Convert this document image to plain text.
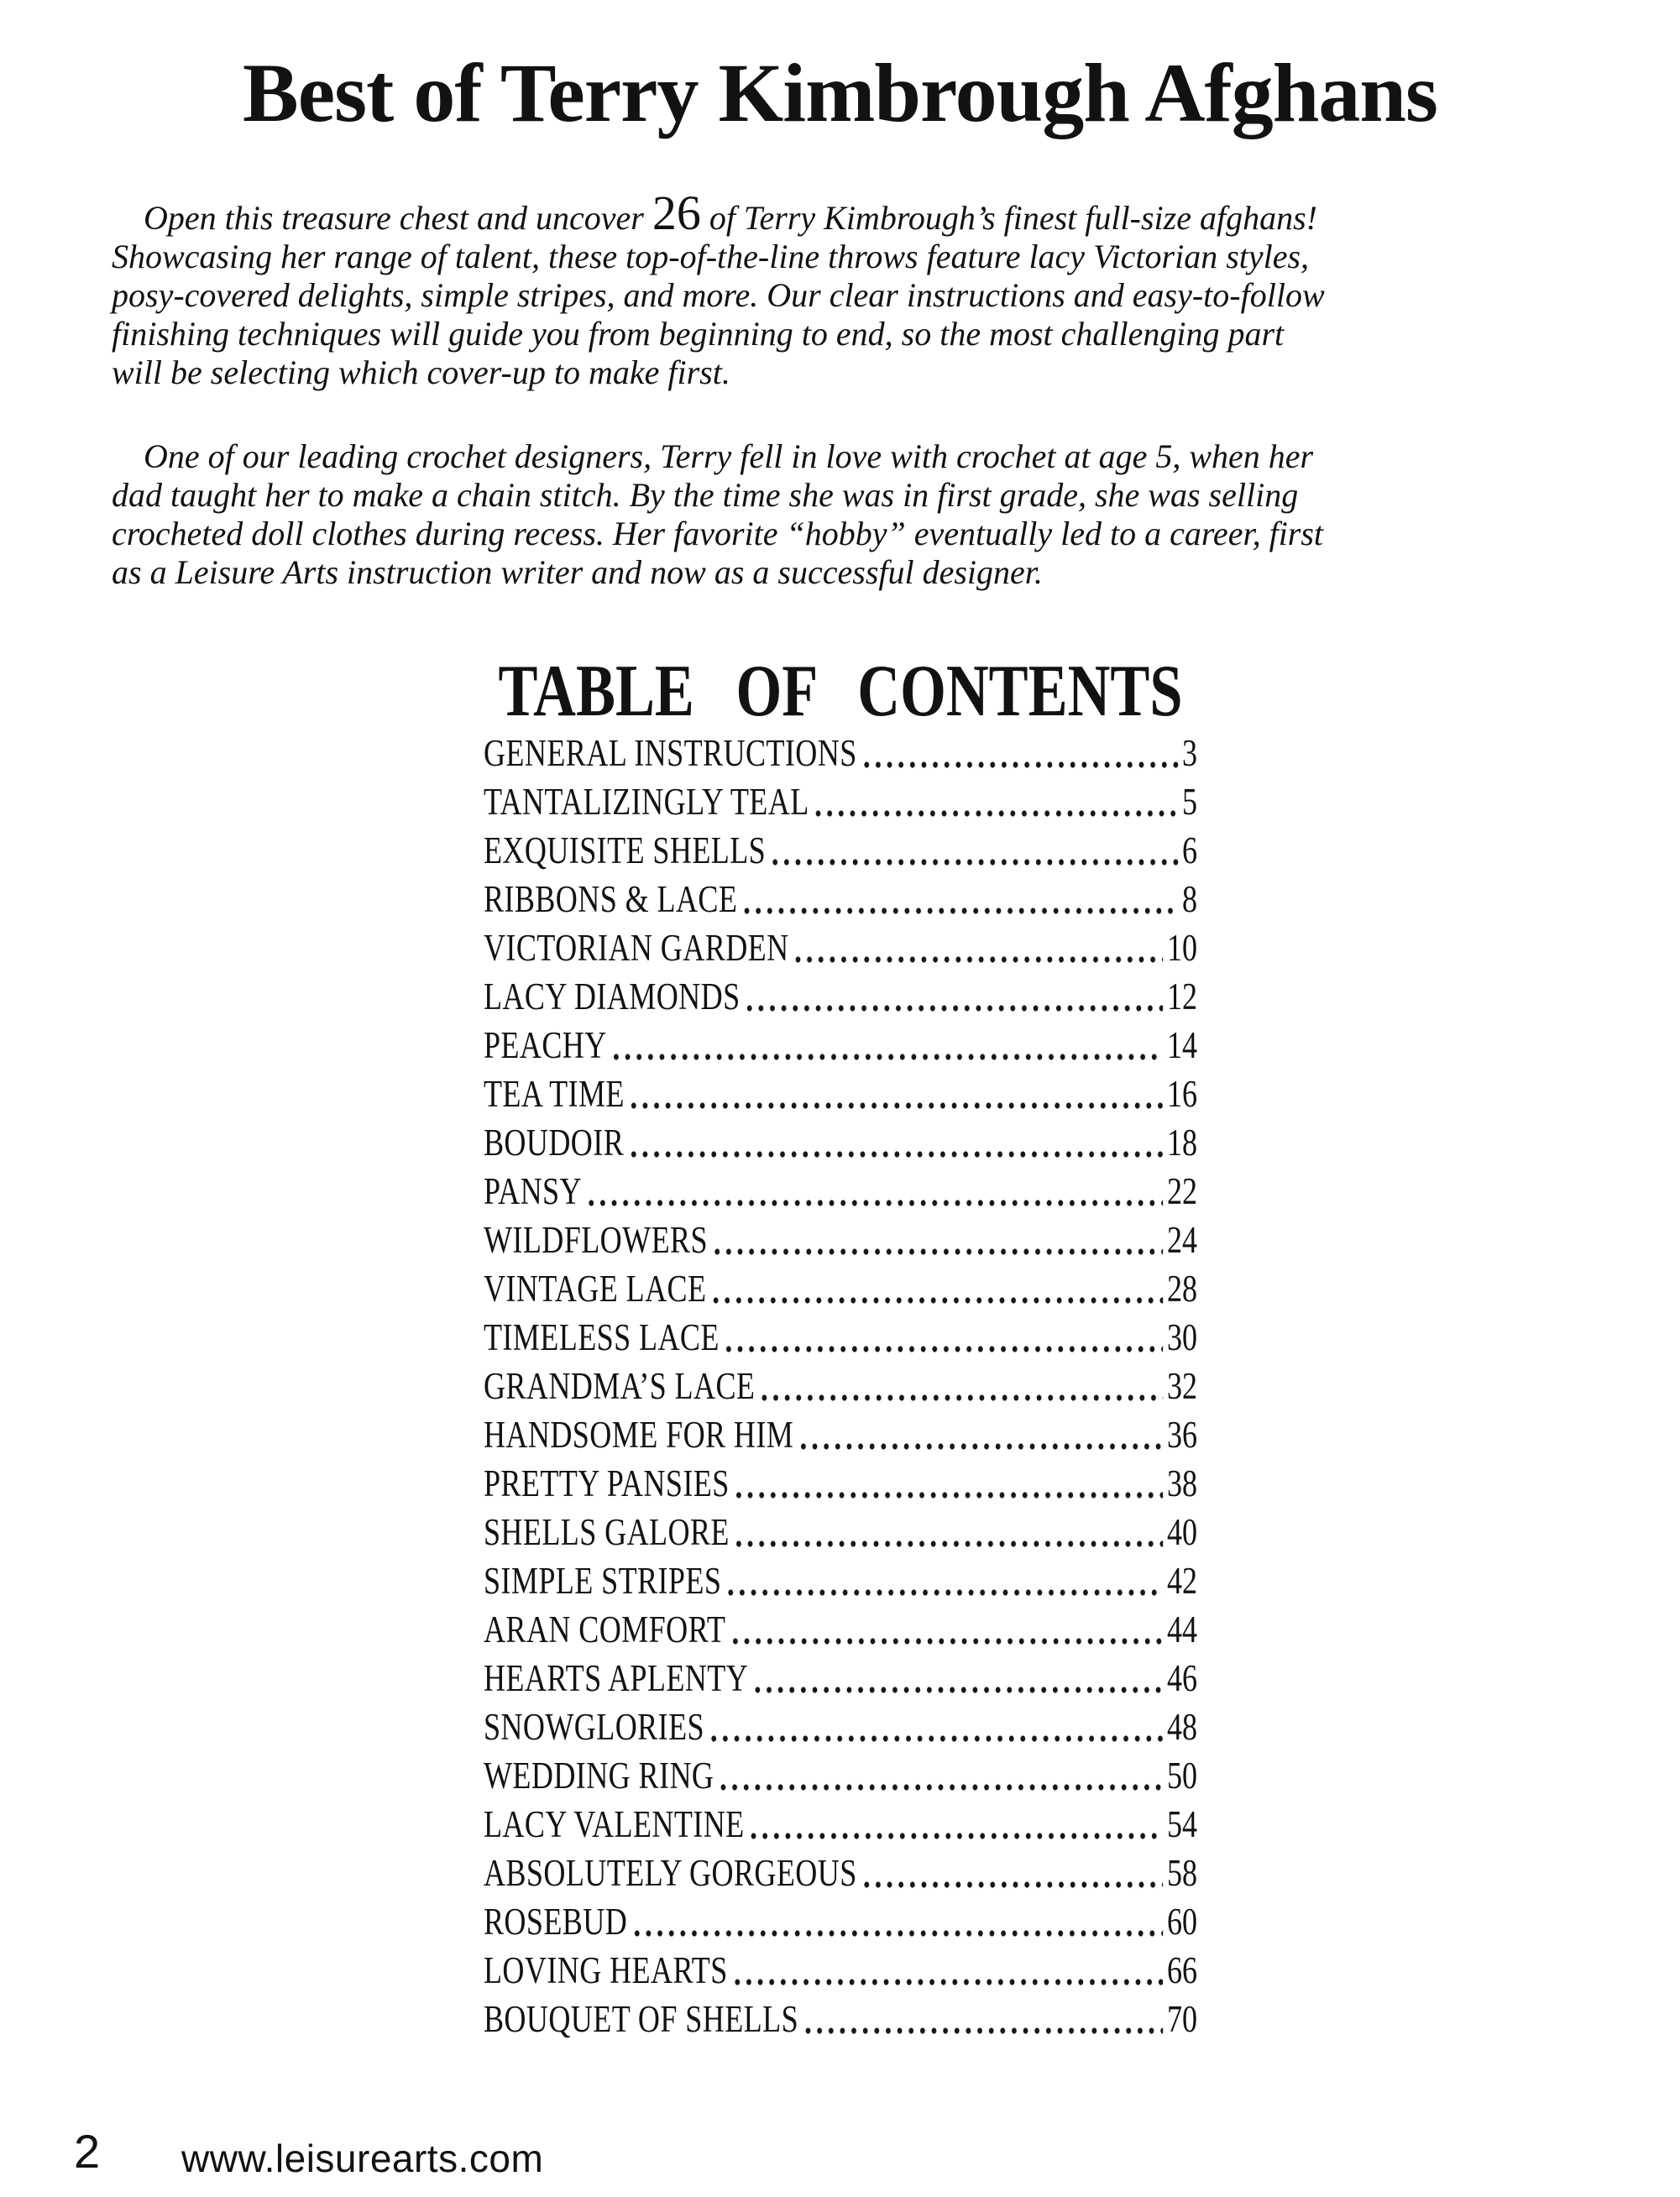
Best of Terry Kimbrough Afghans

Open this treasure chest and uncover 26 of Terry Kimbrough’s finest full-size afghans!
Showcasing her range of talent, these top-of-the-line throws feature lacy Victorian styles,
posy-covered delights, simple stripes, and more. Our clear instructions and easy-to-follow
finishing techniques will guide you from beginning to end, so the most challenging part
will be selecting which cover-up to make first.

One of our leading crochet designers, Terry fell in love with crochet at age 5, when her
dad taught her to make a chain stitch. By the time she was in first grade, she was selling
crocheted doll clothes during recess. Her favorite “hobby” eventually led to a career, first
as a Leisure Arts instruction writer and now as a successful designer.

TABLE OF CONTENTS
GENERAL INSTRUCTIONS	3
TANTALIZINGLY TEAL	5
EXQUISITE SHELLS	6
RIBBONS & LACE	8
VICTORIAN GARDEN	10
LACY DIAMONDS	12
PEACHY	14
TEA TIME	16
BOUDOIR	18
PANSY	22
WILDFLOWERS	24
VINTAGE LACE	28
TIMELESS LACE	30
GRANDMA’S LACE	32
HANDSOME FOR HIM	36
PRETTY PANSIES	38
SHELLS GALORE	40
SIMPLE STRIPES	42
ARAN COMFORT	44
HEARTS APLENTY	46
SNOWGLORIES	48
WEDDING RING	50
LACY VALENTINE	54
ABSOLUTELY GORGEOUS	58
ROSEBUD	60
LOVING HEARTS	66
BOUQUET OF SHELLS	70
2 www.leisurearts.com
